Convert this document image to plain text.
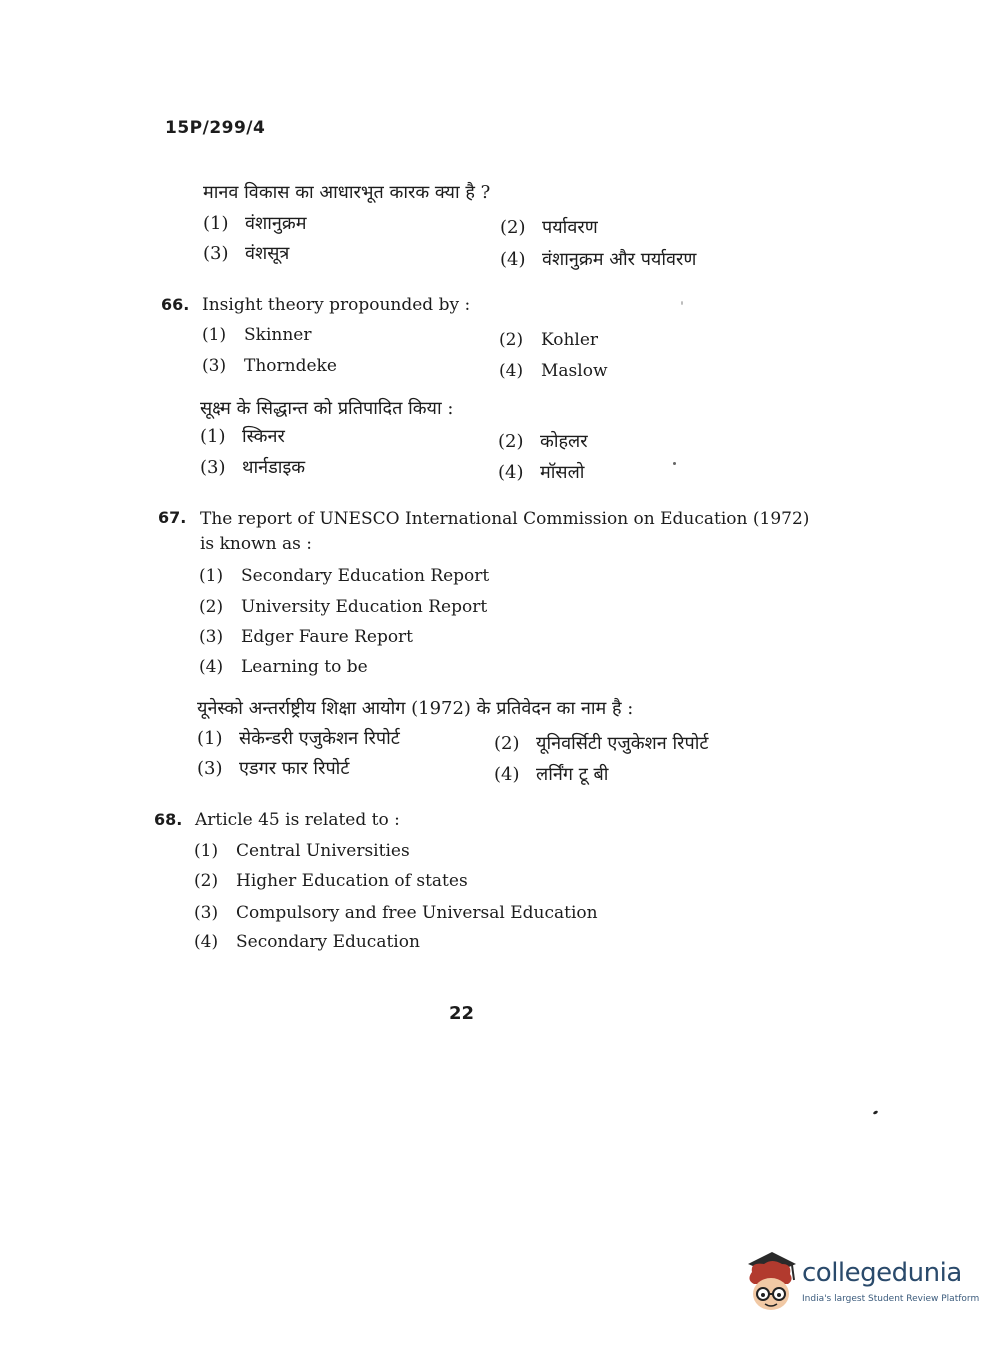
15P/299/4
मानव विकास का आधारभूत कारक क्या है ?
(1) वंशानुक्रम	(2) पर्यावरण
(3) वंशसूत्र	(4) वंशानुक्रम और पर्यावरण
66. Insight theory propounded by :
(1) Skinner	(2) Kohler
(3) Thorndeke	(4) Maslow
सूक्ष्म के सिद्धान्त को प्रतिपादित किया :
(1) स्किनर	(2) कोहलर
(3) थार्नडाइक	(4) मॉसलो
67. The report of UNESCO International Commission on Education (1972)
is known as :
(1) Secondary Education Report
(2) University Education Report
(3) Edger Faure Report
(4) Learning to be
यूनेस्को अन्तर्राष्ट्रीय शिक्षा आयोग (1972) के प्रतिवेदन का नाम है :
(1) सेकेन्डरी एजुकेशन रिपोर्ट	(2) यूनिवर्सिटी एजुकेशन रिपोर्ट
(3) एडगर फार रिपोर्ट	(4) लर्निंग टू बी
68. Article 45 is related to :
(1) Central Universities
(2) Higher Education of states
(3) Compulsory and free Universal Education
(4) Secondary Education
22
collegedunia
India's largest Student Review Platform
